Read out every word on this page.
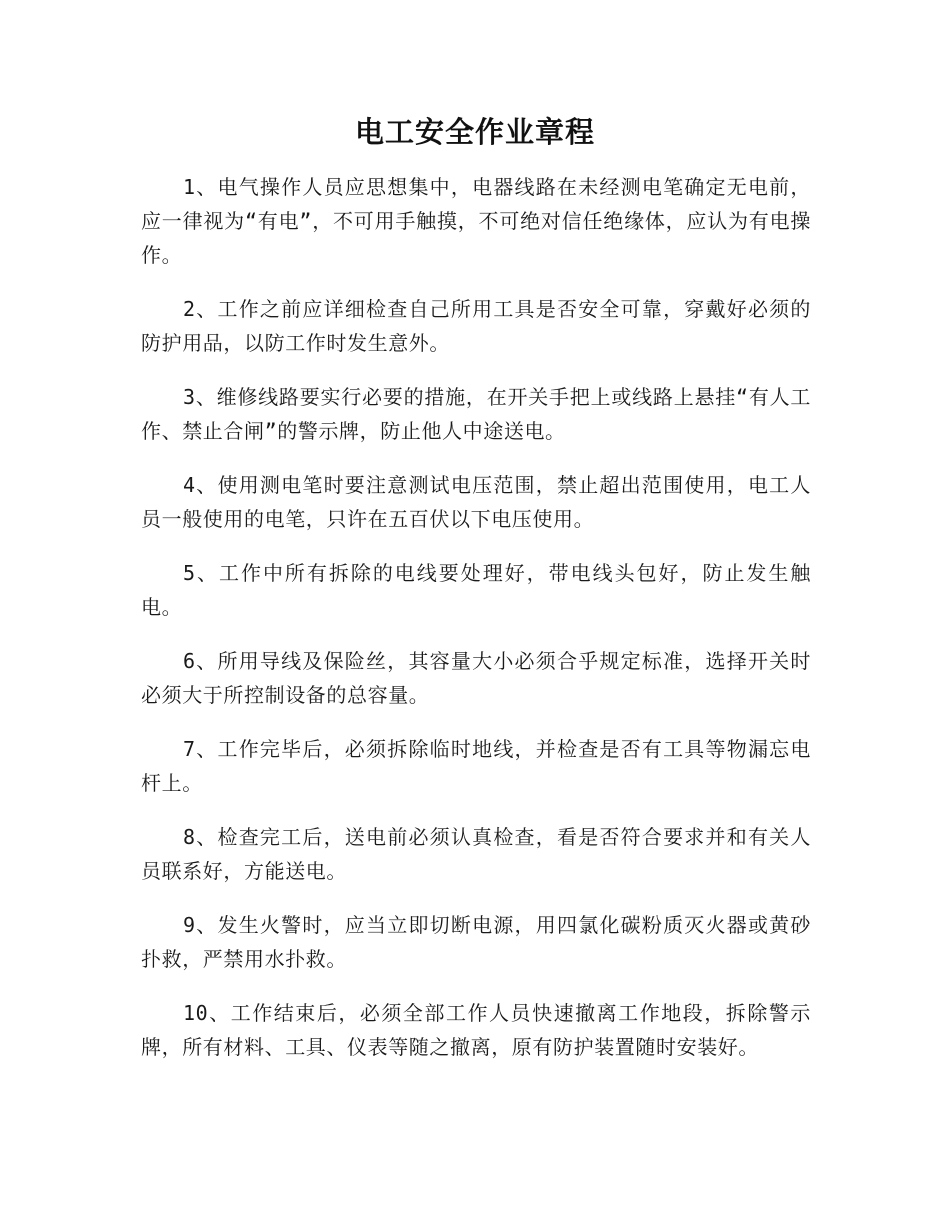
电工安全作业章程

1、电气操作人员应思想集中，电器线路在未经测电笔确定无电前，应一律视为“有电”，不可用手触摸，不可绝对信任绝缘体，应认为有电操作。

2、工作之前应详细检查自己所用工具是否安全可靠，穿戴好必须的防护用品，以防工作时发生意外。

3、维修线路要实行必要的措施，在开关手把上或线路上悬挂“有人工作、禁止合闸”的警示牌，防止他人中途送电。

4、使用测电笔时要注意测试电压范围，禁止超出范围使用，电工人员一般使用的电笔，只许在五百伏以下电压使用。

5、工作中所有拆除的电线要处理好，带电线头包好，防止发生触电。

6、所用导线及保险丝，其容量大小必须合乎规定标准，选择开关时必须大于所控制设备的总容量。

7、工作完毕后，必须拆除临时地线，并检查是否有工具等物漏忘电杆上。

8、检查完工后，送电前必须认真检查，看是否符合要求并和有关人员联系好，方能送电。

9、发生火警时，应当立即切断电源，用四氯化碳粉质灭火器或黄砂扑救，严禁用水扑救。

10、工作结束后，必须全部工作人员快速撤离工作地段，拆除警示牌，所有材料、工具、仪表等随之撤离，原有防护装置随时安装好。
